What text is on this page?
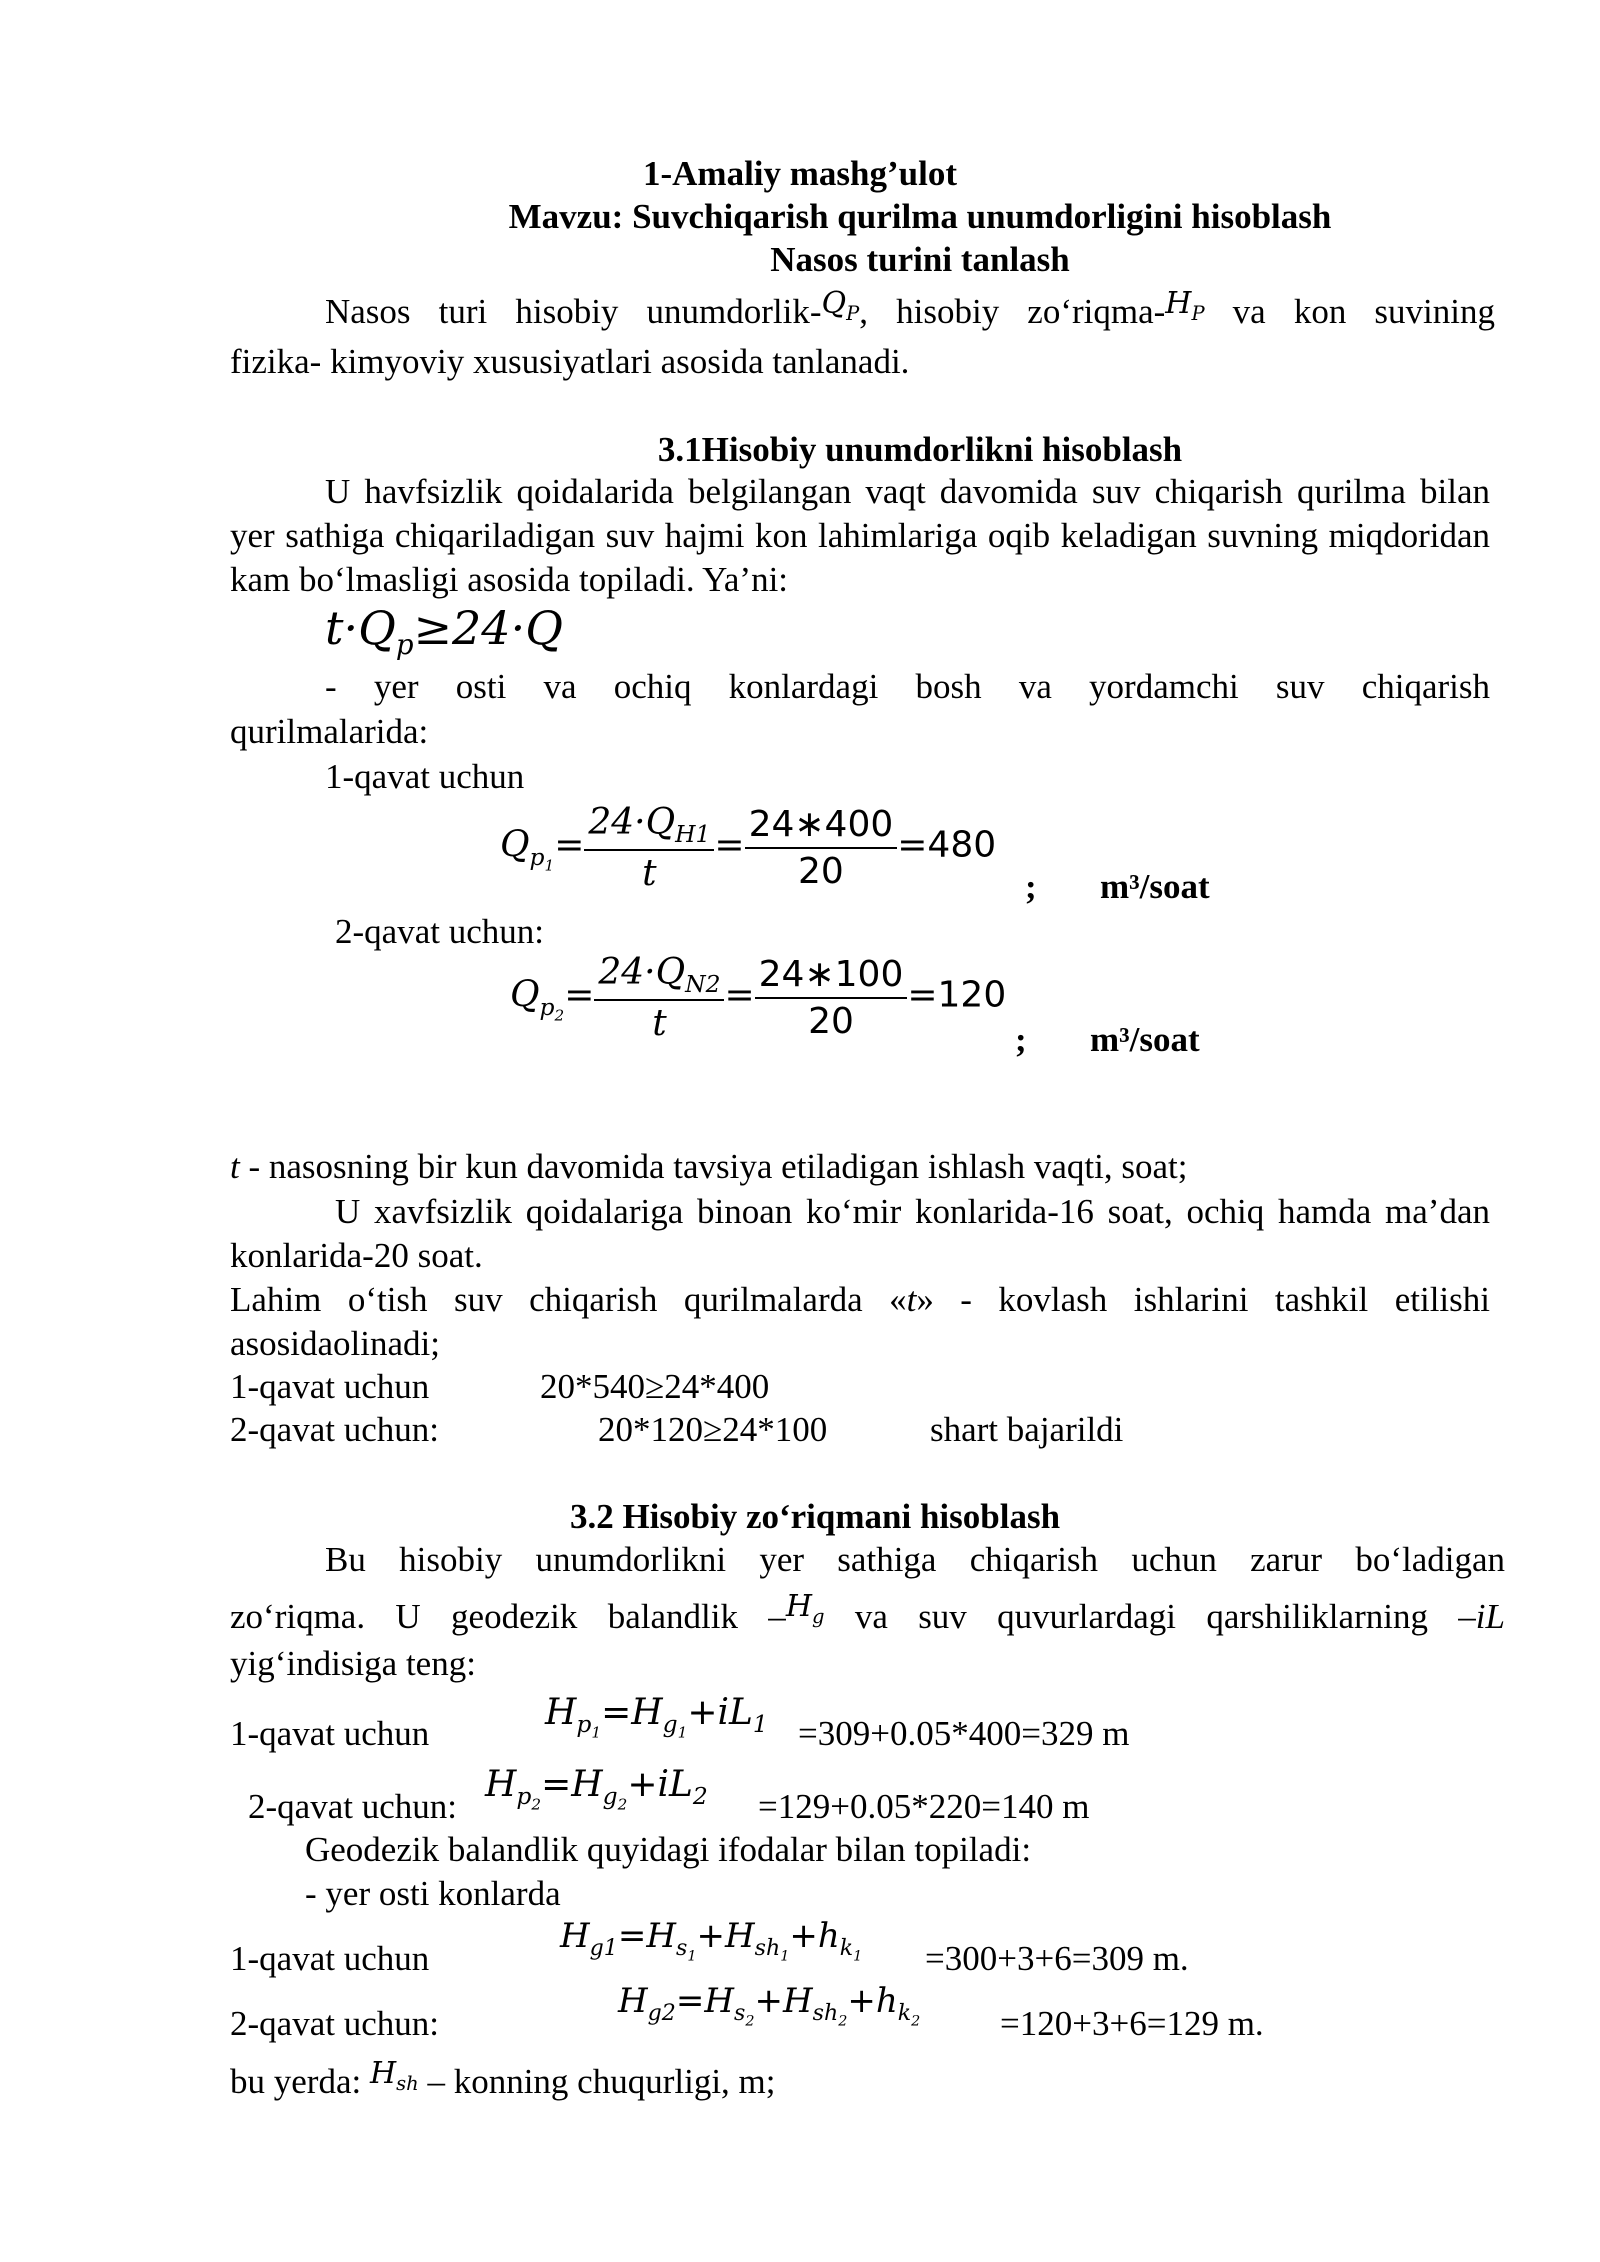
1-Amaliy mashg’ulot
Mavzu: Suvchiqarish qurilma unumdorligini hisoblash
Nasos turini tanlash
Nasos turi hisobiy unumdorlik-$Q_P$, hisobiy $zo‘riqma-H_P$ va kon suvining
fizika- kimyoviy xususiyatlari asosida tanlanadi.
3.1Hisobiy unumdorlikni hisoblash
U havfsizlik qoidalarida belgilangan vaqt davomida suv chiqarish qurilma bilan yer sathiga chiqariladigan suv hajmi kon lahimlariga oqib keladigan suvning miqdoridan kam bo‘lmasligi asosida topiladi. Ya’ni:
$t\cdot Q_p\ge 24\cdot Q$
- yer osti va ochiq konlardagi bosh va yordamchi suv chiqarish
qurilmalarida:
1-qavat uchun
$Q_{p_1}= \frac{24\cdot Q_{H1}}{t} = \frac{24∗400}{20} =480$
; m³/soat
2-qavat uchun:
$Q_{p_2}= \frac{24\cdot Q_{N2}}{t} = \frac{24∗100}{20} =120$
; m³/soat
t - nasosning bir kun davomida tavsiya etiladigan ishlash vaqti, soat;
U xavfsizlik qoidalariga binoan ko‘mir konlarida-16 soat, ochiq hamda ma’dan konlarida-20 soat.
Lahim o‘tish suv chiqarish qurilmalarda «t» - kovlash ishlarini tashkil etilishi asosidaolinadi;
1-qavat uchun	20*540≥24*400
2-qavat uchun:	20*120≥24*100	shart bajarildi
3.2 Hisobiy zo‘riqmani hisoblash
Bu hisobiy unumdorlikni yer sathiga chiqarish uchun zarur bo‘ladigan
zo‘riqma. U geodezik balandlik $-H_g$ va suv quvurlardagi qarshiliklarning –iL
yig‘indisiga teng:
$H_{p_1}=H_{g_1}+iL_1$
1-qavat uchun	=309+0.05*400=329 m
$H_{p_2}=H_{g_2}+iL_2$
2-qavat uchun:	=129+0.05*220=140 m
Geodezik balandlik quyidagi ifodalar bilan topiladi:
- yer osti konlarda
$H_{g1}=H_{s_1}+H_{sh_1}+h_{k_1}$
1-qavat uchun	=300+3+6=309 m.
$H_{g2}=H_{s_2}+H_{sh_2}+h_{k_2}$
2-qavat uchun:	=120+3+6=129 m.
bu yerda: $H_{sh}$ – konning chuqurligi, m;
